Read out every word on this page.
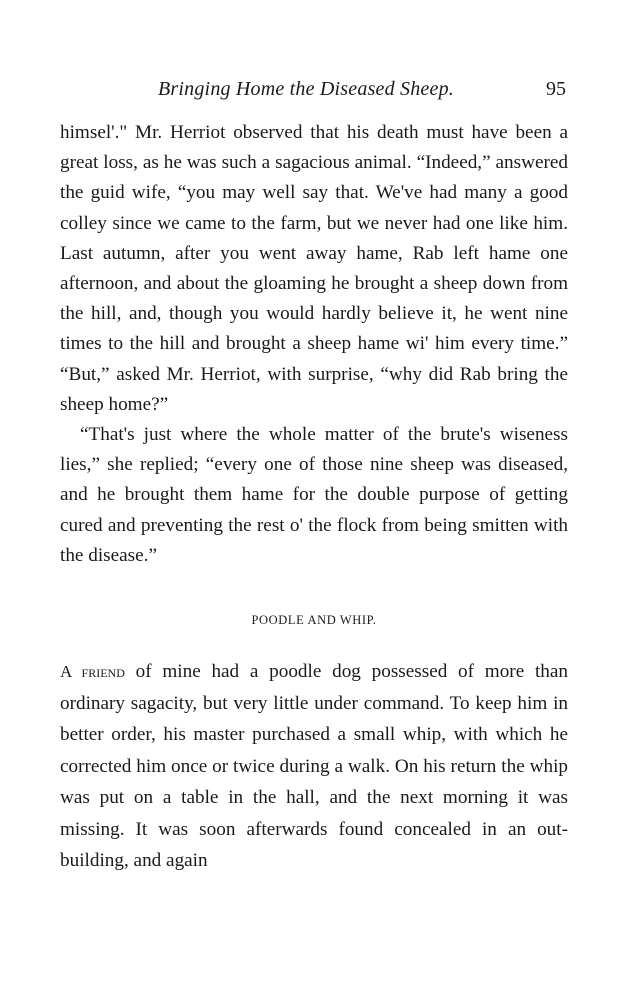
Bringing Home the Diseased Sheep.	95

himsel'." Mr. Herriot observed that his death must have been a great loss, as he was such a sagacious animal. “Indeed,” answered the guid wife, “you may well say that. We've had many a good colley since we came to the farm, but we never had one like him. Last autumn, after you went away hame, Rab left hame one afternoon, and about the gloaming he brought a sheep down from the hill, and, though you would hardly believe it, he went nine times to the hill and brought a sheep hame wi' him every time.” “But,” asked Mr. Herriot, with surprise, “why did Rab bring the sheep home?”

“That's just where the whole matter of the brute's wiseness lies,” she replied; “every one of those nine sheep was diseased, and he brought them hame for the double purpose of getting cured and preventing the rest o' the flock from being smitten with the disease.”

POODLE AND WHIP.

A friend of mine had a poodle dog possessed of more than ordinary sagacity, but very little under command. To keep him in better order, his master purchased a small whip, with which he corrected him once or twice during a walk. On his return the whip was put on a table in the hall, and the next morning it was missing. It was soon afterwards found concealed in an out-building, and again
